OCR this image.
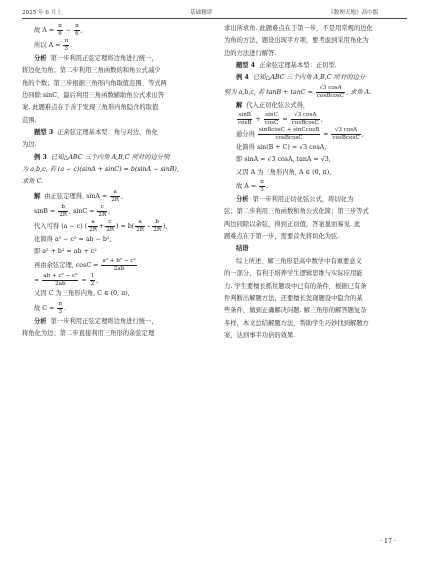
2025 年 6 月上	基础精讲	《数理天地》高中版
故 $A = \frac{\pi}{6} - \frac{\pi}{6}$ ,
所以 $A = \frac{\pi}{3}$ .
分析 第一步利用正弦定理将边角进行统一，
将边化为角；第二步利用三角函数的和角公式减少
角的个数；第三步根据三角形内角取值范围、等式两
边同除 sinC，最后利用三角函数辅助角公式求出答
案. 此题难点在于善于发现三角形内角隐含的取值
范围.
题型 3 正余弦定理基本型：角与对边，角化
为边.
例 3 已知△ABC 三个内角 A,B,C 所对的边分别
为 a,b,c, 若 (a − c)(sinA + sinC) = b(sinA − sinB),
求角 C.
解 由正弦定理得, $\sin A = \frac{a}{2R}$ ,
$\sin B = \frac{b}{2R}$ , $\sin C = \frac{c}{2R}$ ,
代入可得 (a − c) ( $\frac{a}{2R} + \frac{c}{2R}$ ) = $b( \frac{a}{2R} - \frac{b}{2R}$ ),
化简得 a² − c² = ab − b²,
即 a² + b² = ab + c²
再由余弦定理, $\cos C = \frac{\text{a² + b² − c²}}{2ab}$
= $\frac{\text{ab + c² − c²}}{2ab} = \frac{1}{2}$ ,
又因 C 为三角形内角, C ∈ (0, π),
故 $C = \frac{\pi}{3}$ .
分析 第一步利用正弦定理将边角进行统一，
将角化为边；第二步直接利用三角形的余弦定理
求出所求角. 此题难点在于第一步，不是用常规的边化
为角的方法，题设出现平方项，要考虑到采用角化为
边的方法进行解答.
题型 4 正余弦定理基本型：正切型.
例 4 已知△ABC 三个内角 A,B,C 所对的边分
别为 a,b,c, 若 $\tan B + \tan C = \frac{√3 \cos A}{\text{cosBcosC}}$ , 求角 A.
解 代入正切化弦公式得,
$\frac{\sin B}{\cos B} + \frac{\sin C}{\cos C} = \frac{√3 \cos A}{\text{cosBcosC}}$ ,
通分得 $\frac{\text{sinBcosC + sinCcosB}}{\text{cosBcosC}} = \frac{√3 \cos A}{\text{cosBcosC}}$ ,
化简得 sin(B + C) = √3 cosA,
即 sinA = √3 cosA, tanA = √3,
又因 A 为三角形内角, A ∈ (0, π),
故 $A = \frac{\pi}{3}$ .
分析 第一步利用正切化弦公式，将切化为
弦；第二步利用三角函数和角公式化简；第三步等式
两边同除以余弦，得到正切值，答案显而易见. 此
题难点在于第一步，需要首先将切化为弦.
结语
综上所述，解三角形是高中数学中有重要意义
的一部分，有利于培养学生逻辑思维与实际应用能
力. 学生要擅长抓住题设中已有的条件，根据已有条
件判断出解题方法，还要擅长发现题设中隐含的某
些条件，做到正确解决问题. 解三角形的解答题复杂
多样，本文总结解题方法，帮助学生巧妙找到解题方
案，达到事半功倍的效果.
· 17 ·
